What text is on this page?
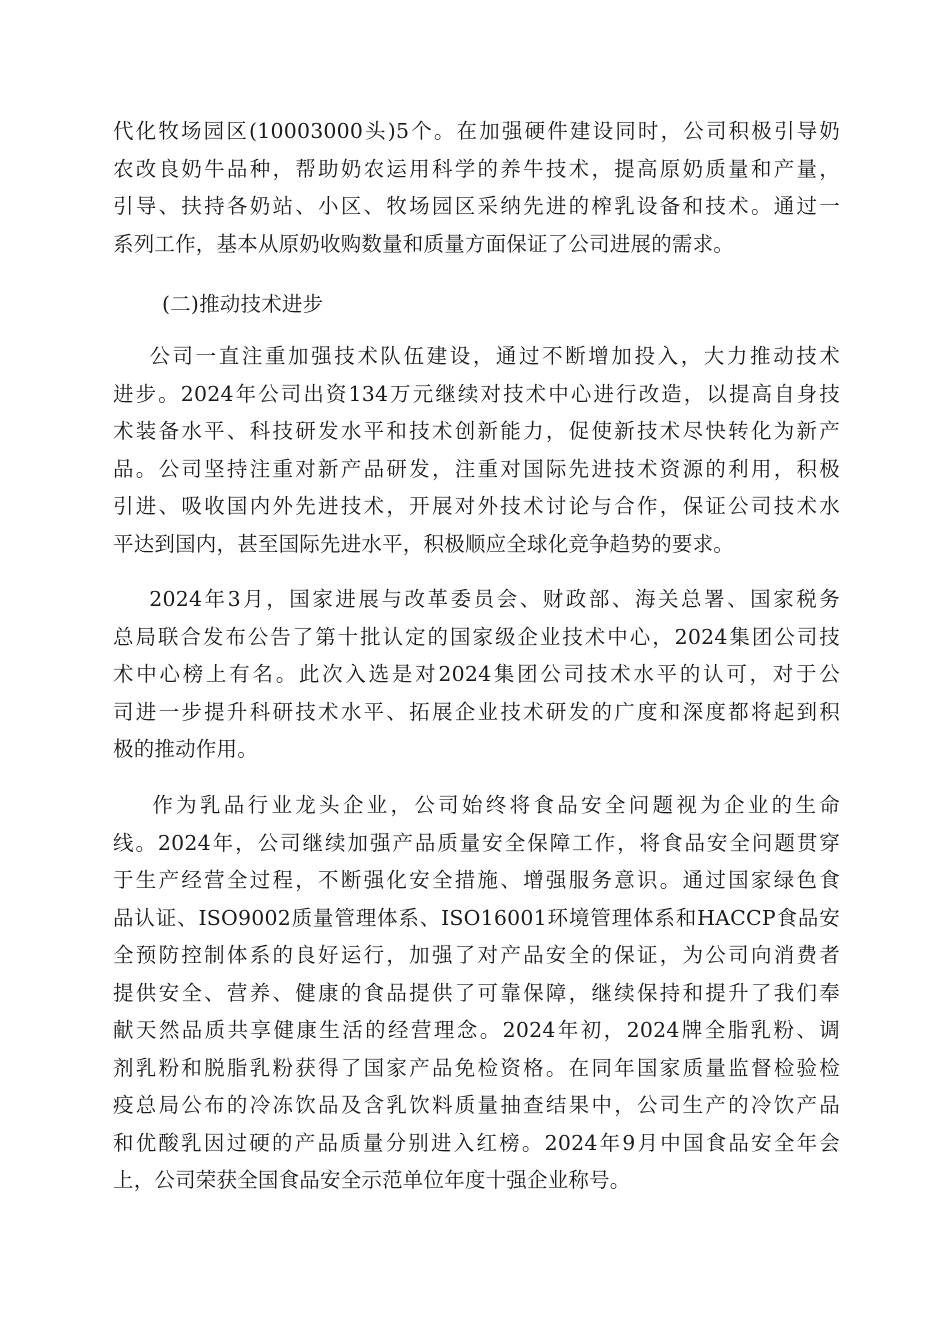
代化牧场园区(10003000头)5个。在加强硬件建设同时，公司积极引导奶
农改良奶牛品种，帮助奶农运用科学的养牛技术，提高原奶质量和产量，
引导、扶持各奶站、小区、牧场园区采纳先进的榨乳设备和技术。通过一
系列工作，基本从原奶收购数量和质量方面保证了公司进展的需求。
(二)推动技术进步
公司一直注重加强技术队伍建设，通过不断增加投入，大力推动技术
进步。2024年公司出资134万元继续对技术中心进行改造，以提高自身技
术装备水平、科技研发水平和技术创新能力，促使新技术尽快转化为新产
品。公司坚持注重对新产品研发，注重对国际先进技术资源的利用，积极
引进、吸收国内外先进技术，开展对外技术讨论与合作，保证公司技术水
平达到国内，甚至国际先进水平，积极顺应全球化竞争趋势的要求。
2024年3月，国家进展与改革委员会、财政部、海关总署、国家税务
总局联合发布公告了第十批认定的国家级企业技术中心，2024集团公司技
术中心榜上有名。此次入选是对2024集团公司技术水平的认可，对于公
司进一步提升科研技术水平、拓展企业技术研发的广度和深度都将起到积
极的推动作用。
作为乳品行业龙头企业，公司始终将食品安全问题视为企业的生命
线。2024年，公司继续加强产品质量安全保障工作，将食品安全问题贯穿
于生产经营全过程，不断强化安全措施、增强服务意识。通过国家绿色食
品认证、ISO9002质量管理体系、ISO16001环境管理体系和HACCP食品安
全预防控制体系的良好运行，加强了对产品安全的保证，为公司向消费者
提供安全、营养、健康的食品提供了可靠保障，继续保持和提升了我们奉
献天然品质共享健康生活的经营理念。2024年初，2024牌全脂乳粉、调
剂乳粉和脱脂乳粉获得了国家产品免检资格。在同年国家质量监督检验检
疫总局公布的冷冻饮品及含乳饮料质量抽查结果中，公司生产的冷饮产品
和优酸乳因过硬的产品质量分别进入红榜。2024年9月中国食品安全年会
上，公司荣获全国食品安全示范单位年度十强企业称号。
